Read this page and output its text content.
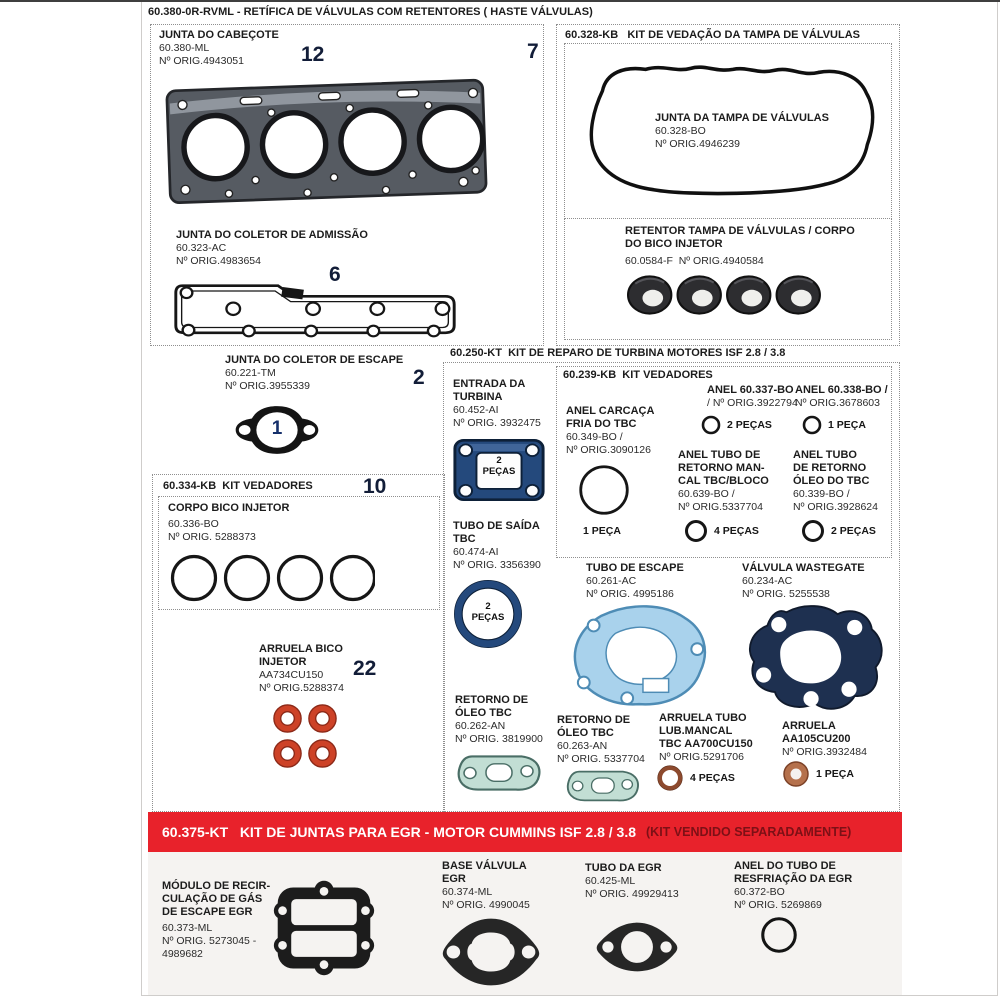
60.380-0R-RVML - RETÍFICA DE VÁLVULAS COM RETENTORES ( HASTE VÁLVULAS)
JUNTA DO CABEÇOTE
60.380-ML
Nº ORIG.4943051	12
JUNTA DO COLETOR DE ADMISSÃO
60.323-AC
Nº ORIG.4983654
6
7
60.328-KB   KIT DE VEDAÇÃO DA TAMPA DE VÁLVULAS
JUNTA DA TAMPA DE VÁLVULAS
60.328-BO
Nº ORIG.4946239
RETENTOR TAMPA DE VÁLVULAS / CORPO
DO BICO INJETOR
60.0584-F  Nº ORIG.4940584
JUNTA DO COLETOR DE ESCAPE
60.221-TM
Nº ORIG.3955339
1
2
60.334-KB  KIT VEDADORES 10
CORPO BICO INJETOR
60.336-BO
Nº ORIG. 5288373
ARRUELA BICO
INJETOR
AA734CU150
Nº ORIG.5288374
22
60.250-KT  KIT DE REPARO DE TURBINA MOTORES ISF 2.8 / 3.8
ENTRADA DA
TURBINA
60.452-AI
Nº ORIG. 3932475
2
PEÇAS
TUBO DE SAÍDA
TBC
60.474-AI
Nº ORIG. 3356390
2
PEÇAS
60.239-KB  KIT VEDADORES
ANEL 60.337-BO
/ Nº ORIG.3922794
2 PEÇAS
ANEL 60.338-BO /
Nº ORIG.3678603
1 PEÇA
ANEL CARCAÇA
FRIA DO TBC
60.349-BO /
Nº ORIG.3090126
1 PEÇA
ANEL TUBO DE
RETORNO MAN-
CAL TBC/BLOCO
60.639-BO /
Nº ORIG.5337704
4 PEÇAS
ANEL TUBO
DE RETORNO
ÓLEO DO TBC
60.339-BO /
Nº ORIG.3928624
2 PEÇAS
TUBO DE ESCAPE
60.261-AC
Nº ORIG. 4995186
VÁLVULA WASTEGATE
60.234-AC
Nº ORIG. 5255538
RETORNO DE
ÓLEO TBC
60.262-AN
Nº ORIG. 3819900
RETORNO DE
ÓLEO TBC
60.263-AN
Nº ORIG. 5337704
ARRUELA TUBO
LUB.MANCAL
TBC AA700CU150
Nº ORIG.5291706
4 PEÇAS
ARRUELA
AA105CU200
Nº ORIG.3932484
1 PEÇA
60.375-KT   KIT DE JUNTAS PARA EGR - MOTOR CUMMINS ISF 2.8 / 3.8 (KIT VENDIDO SEPARADAMENTE)
MÓDULO DE RECIR-
CULAÇÃO DE GÁS
DE ESCAPE EGR
60.373-ML
Nº ORIG. 5273045 -
4989682
BASE VÁLVULA
EGR
60.374-ML
Nº ORIG. 4990045
TUBO DA EGR
60.425-ML
Nº ORIG. 49929413
ANEL DO TUBO DE
RESFRIAÇÃO DA EGR
60.372-BO
Nº ORIG. 5269869
